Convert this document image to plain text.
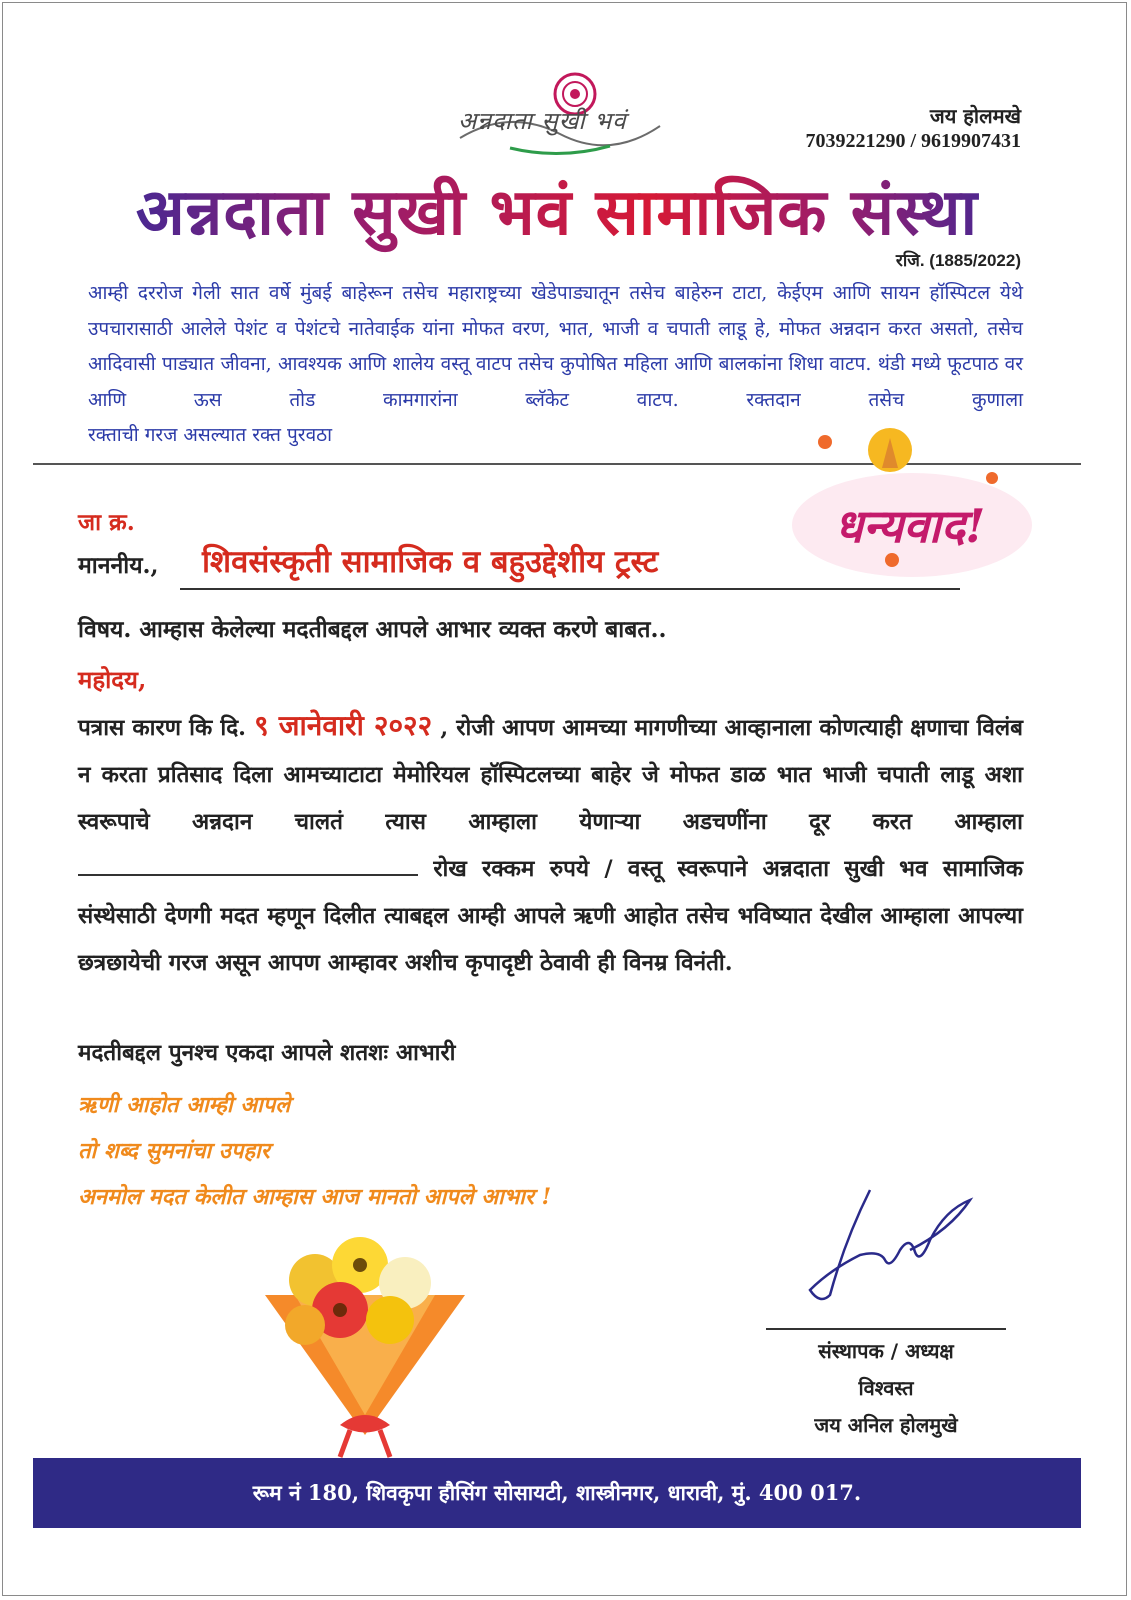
अन्नदाता सुखी भवं	जय होलमखे
7039221290 / 9619907431
अन्नदाता सुखी भवं सामाजिक संस्था
रजि. (1885/2022)
आम्ही दररोज गेली सात वर्षे मुंबई बाहेरून तसेच महाराष्ट्रच्या खेडेपाड्यातून तसेच बाहेरुन टाटा, केईएम आणि सायन हॉस्पिटल येथे उपचारासाठी आलेले पेशंट व पेशंटचे नातेवाईक यांना मोफत वरण, भात, भाजी व चपाती लाडू हे, मोफत अन्नदान करत असतो, तसेच आदिवासी पाड्यात जीवना, आवश्यक आणि शालेय वस्तू वाटप तसेच कुपोषित महिला आणि बालकांना शिधा वाटप. थंडी मध्ये फूटपाठ वर आणि ऊस तोड कामगारांना ब्लॅकेट वाटप. रक्तदान तसेच कुणाला
रक्ताची गरज असल्यात रक्त पुरवठा
धन्यवाद!
जा क्र.
माननीय., शिवसंस्कृती सामाजिक व बहुउद्देशीय ट्रस्ट
विषय. आम्हास केलेल्या मदतीबद्दल आपले आभार व्यक्त करणे बाबत..
महोदय,
पत्रास कारण कि दि. ९ जानेवारी २०२२ , रोजी आपण आमच्या मागणीच्या आव्हानाला कोणत्याही क्षणाचा विलंब न करता प्रतिसाद दिला आमच्याटाटा मेमोरियल हॉस्पिटलच्या बाहेर जे मोफत डाळ भात भाजी चपाती लाडू अशा स्वरूपाचे अन्नदान चालतं त्यास आम्हाला येणाऱ्या अडचणींना दूर करत आम्हाला  रोख रक्कम रुपये / वस्तू स्वरूपाने अन्नदाता सुखी भव सामाजिक संस्थेसाठी देणगी मदत म्हणून दिलीत त्याबद्दल आम्ही आपले ऋणी आहोत तसेच भविष्यात देखील आम्हाला आपल्या छत्रछायेची गरज असून आपण आम्हावर अशीच कृपादृष्टी ठेवावी ही विनम्र विनंती.
मदतीबद्दल पुनश्च एकदा आपले शतशः आभारी
ऋणी आहोत आम्ही आपले
तो शब्द सुमनांचा उपहार
अनमोल मदत केलीत आम्हास आज मानतो आपले आभार !
संस्थापक / अध्यक्ष
विश्वस्त
जय अनिल होलमुखे
रूम नं 180, शिवकृपा हौसिंग सोसायटी, शास्त्रीनगर, धारावी, मुं. 400 017.
